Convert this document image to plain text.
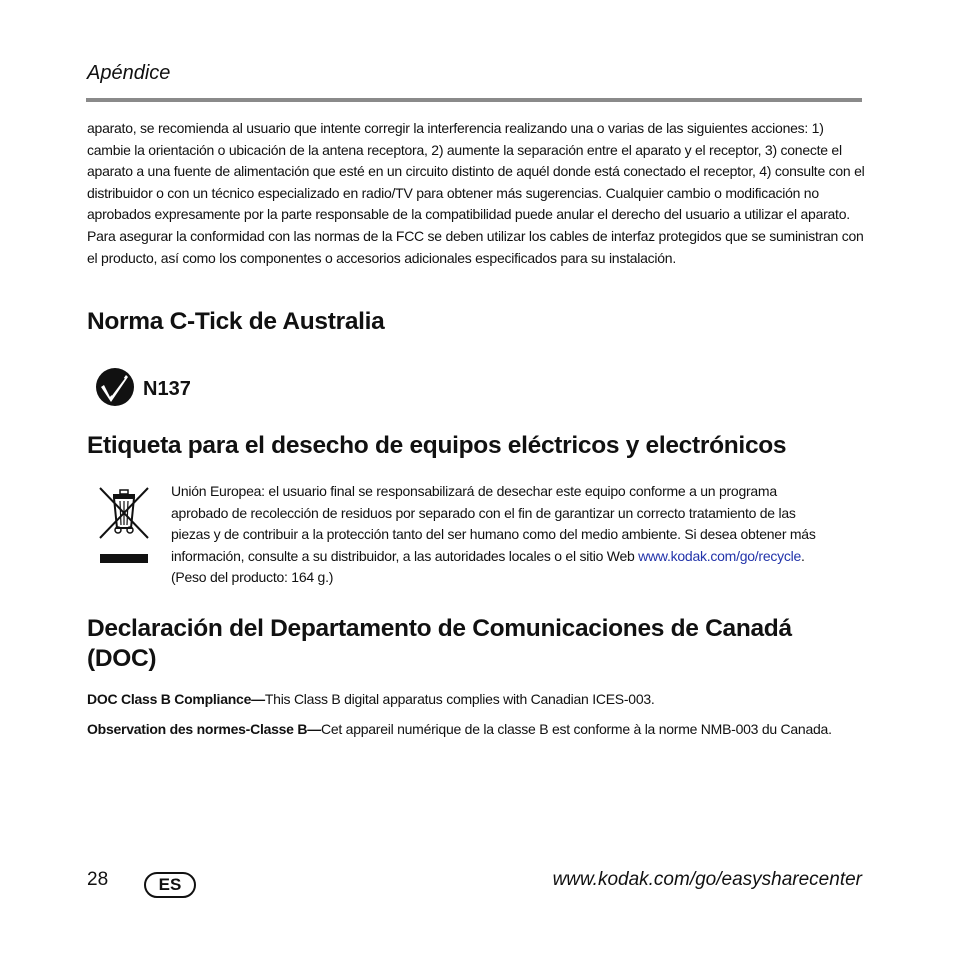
Apéndice

aparato, se recomienda al usuario que intente corregir la interferencia realizando una o varias de las siguientes acciones: 1) cambie la orientación o ubicación de la antena receptora, 2) aumente la separación entre el aparato y el receptor, 3) conecte el aparato a una fuente de alimentación que esté en un circuito distinto de aquél donde está conectado el receptor, 4) consulte con el distribuidor o con un técnico especializado en radio/TV para obtener más sugerencias. Cualquier cambio o modificación no aprobados expresamente por la parte responsable de la compatibilidad puede anular el derecho del usuario a utilizar el aparato. Para asegurar la conformidad con las normas de la FCC se deben utilizar los cables de interfaz protegidos que se suministran con el producto, así como los componentes o accesorios adicionales especificados para su instalación.

Norma C-Tick de Australia
N137
Etiqueta para el desecho de equipos eléctricos y electrónicos

Unión Europea: el usuario final se responsabilizará de desechar este equipo conforme a un programa aprobado de recolección de residuos por separado con el fin de garantizar un correcto tratamiento de las piezas y de contribuir a la protección tanto del ser humano como del medio ambiente. Si desea obtener más información, consulte a su distribuidor, a las autoridades locales o el sitio Web www.kodak.com/go/recycle. (Peso del producto: 164 g.)

Declaración del Departamento de Comunicaciones de Canadá (DOC)

DOC Class B Compliance—This Class B digital apparatus complies with Canadian ICES-003.

Observation des normes-Classe B—Cet appareil numérique de la classe B est conforme à la norme NMB-003 du Canada.

28	ES	www.kodak.com/go/easysharecenter
